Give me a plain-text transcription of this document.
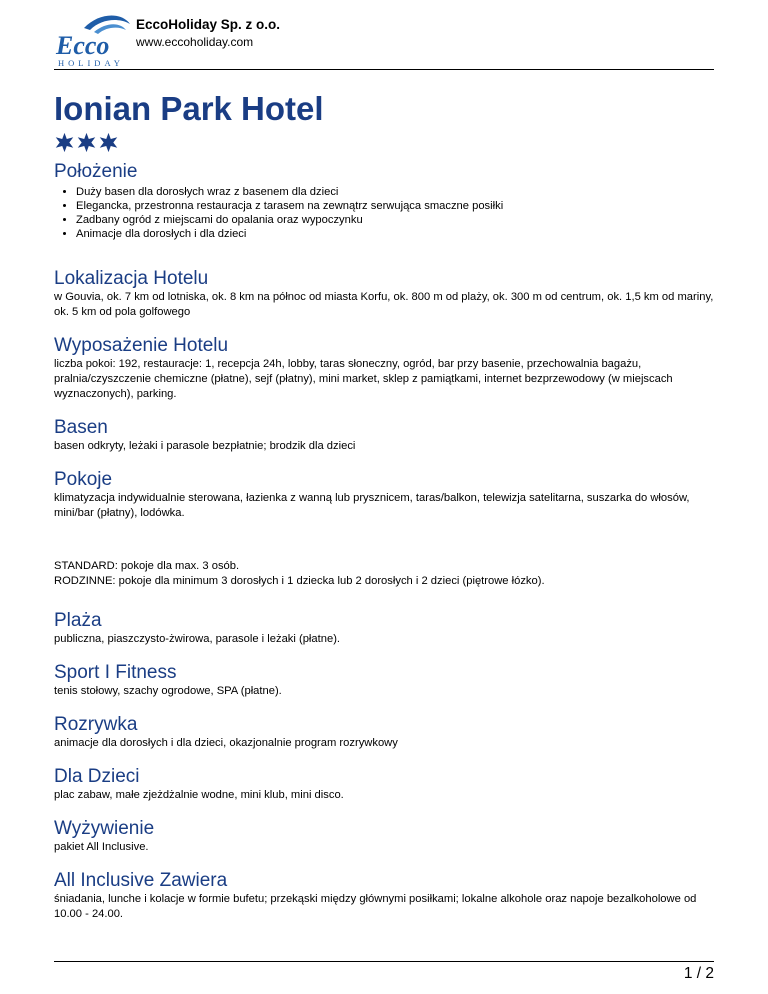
Ecco
HOLIDAY
EccoHoliday Sp. z o.o.
www.eccoholiday.com
Ionian Park Hotel
Położenie
• Duży basen dla dorosłych wraz z basenem dla dzieci
• Elegancka, przestronna restauracja z tarasem na zewnątrz serwująca smaczne posiłki
• Zadbany ogród z miejscami do opalania oraz wypoczynku
• Animacje dla dorosłych i dla dzieci
Lokalizacja Hotelu

w Gouvia, ok. 7 km od lotniska, ok. 8 km na północ od miasta Korfu, ok. 800 m od plaży, ok. 300 m od centrum, ok. 1,5 km od mariny, ok. 5 km od pola golfowego

Wyposażenie Hotelu

liczba pokoi: 192, restauracje: 1, recepcja 24h, lobby, taras słoneczny, ogród, bar przy basenie, przechowalnia bagażu, pralnia/czyszczenie chemiczne (płatne), sejf (płatny), mini market, sklep z pamiątkami, internet bezprzewodowy (w miejscach wyznaczonych), parking.

Basen

basen odkryty, leżaki i parasole bezpłatnie; brodzik dla dzieci

Pokoje

klimatyzacja indywidualnie sterowana, łazienka z wanną lub prysznicem, taras/balkon, telewizja satelitarna, suszarka do włosów, mini/bar (płatny), lodówka.

STANDARD: pokoje dla max. 3 osób.

RODZINNE: pokoje dla minimum 3 dorosłych i 1 dziecka lub 2 dorosłych i 2 dzieci (piętrowe łózko).

Plaża

publiczna, piaszczysto-żwirowa, parasole i leżaki (płatne).

Sport I Fitness

tenis stołowy, szachy ogrodowe, SPA (płatne).

Rozrywka

animacje dla dorosłych i dla dzieci, okazjonalnie program rozrywkowy

Dla Dzieci

plac zabaw, małe zjeżdżalnie wodne, mini klub, mini disco.

Wyżywienie

pakiet All Inclusive.

All Inclusive Zawiera

śniadania, lunche i kolacje w formie bufetu; przekąski między głównymi posiłkami; lokalne alkohole oraz napoje bezalkoholowe od 10.00 - 24.00.

1 / 2
